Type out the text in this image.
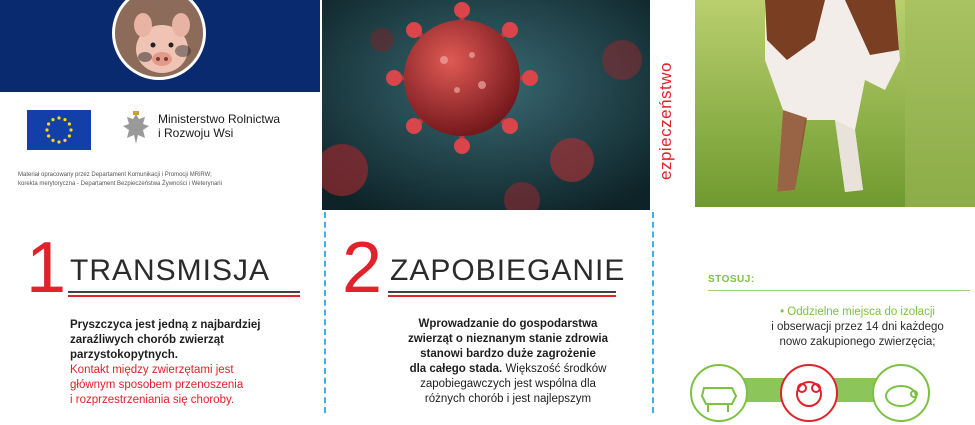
Ministerstwo Rolnictwa
i Rozwoju Wsi
Materiał opracowany przez Departament Komunikacji i Promocji MRiRW;
korekta merytoryczna - Departament Bezpieczeństwa Żywności i Weterynarii
1 TRANSMISJA
Pryszczyca jest jedną z najbardziej
zaraźliwych chorób zwierząt
parzystokopytnych.
Kontakt między zwierzętami jest
głównym sposobem przenoszenia
i rozprzestrzeniania się choroby.
2 ZAPOBIEGANIE
Wprowadzanie do gospodarstwa
zwierząt o nieznanym stanie zdrowia
stanowi bardzo duże zagrożenie
dla całego stada. Większość środków
zapobiegawczych jest wspólna dla
różnych chorób i jest najlepszym
ezpieczeństwo
STOSUJ:
• Oddzielne miejsca do izolacji
i obserwacji przez 14 dni każdego
nowo zakupionego zwierzęcia;
